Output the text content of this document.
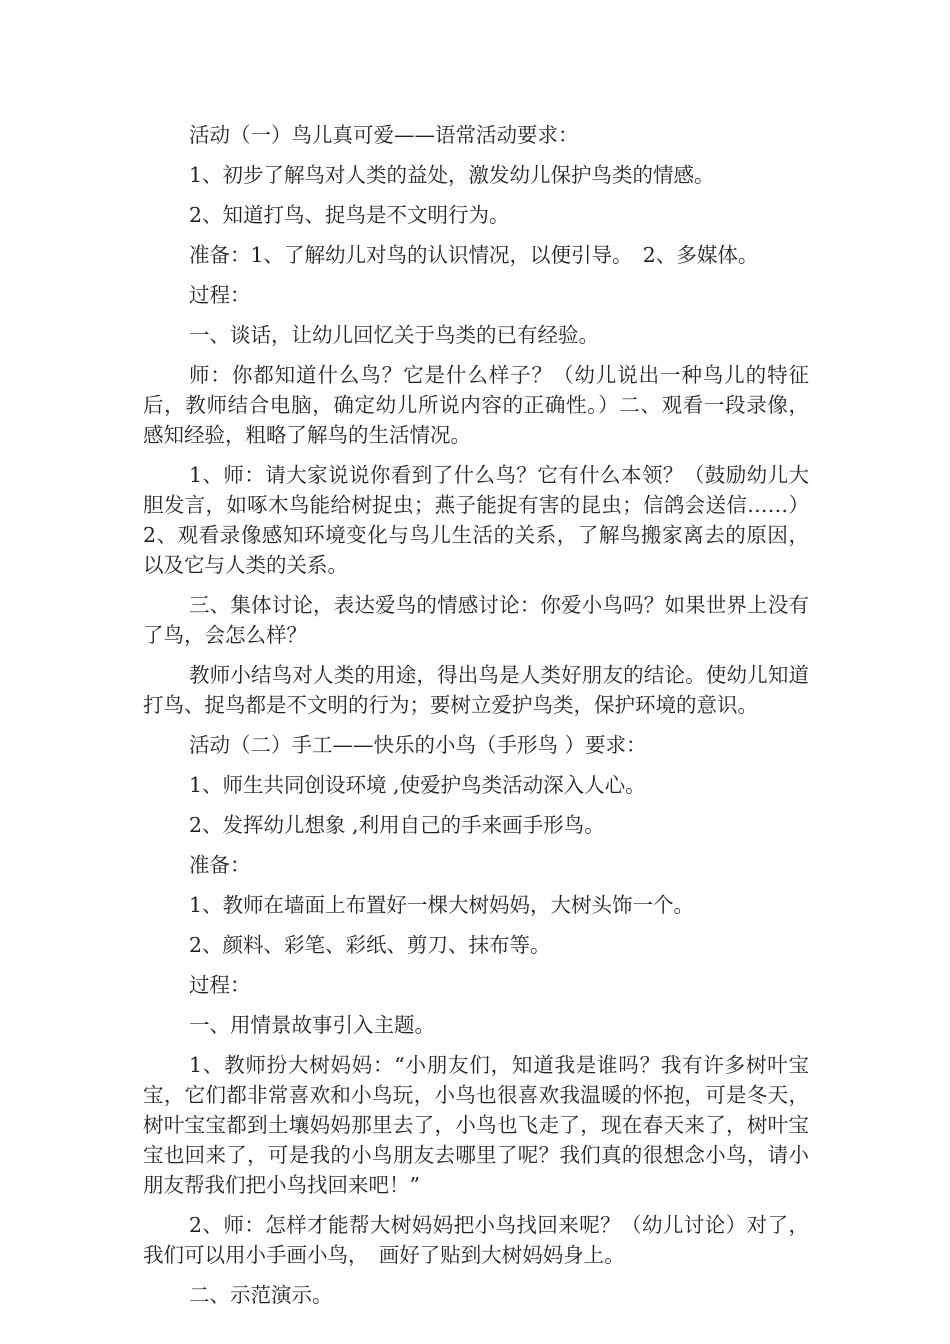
活动（一）鸟儿真可爱——语常活动要求：

1、初步了解鸟对人类的益处，激发幼儿保护鸟类的情感。

2、知道打鸟、捉鸟是不文明行为。

准备：1、了解幼儿对鸟的认识情况，以便引导。　2、多媒体。

过程：

一、谈话，让幼儿回忆关于鸟类的已有经验。

师：你都知道什么鸟？它是什么样子？（幼儿说出一种鸟儿的特征后，教师结合电脑，确定幼儿所说内容的正确性。）二、观看一段录像，感知经验，粗略了解鸟的生活情况。

1、师：请大家说说你看到了什么鸟？它有什么本领？（鼓励幼儿大胆发言，如啄木鸟能给树捉虫；燕子能捉有害的昆虫；信鸽会送信……）2、观看录像感知环境变化与鸟儿生活的关系，了解鸟搬家离去的原因，以及它与人类的关系。

三、集体讨论，表达爱鸟的情感讨论：你爱小鸟吗？如果世界上没有了鸟，会怎么样？

教师小结鸟对人类的用途，得出鸟是人类好朋友的结论。使幼儿知道打鸟、捉鸟都是不文明的行为；要树立爱护鸟类，保护环境的意识。

活动（二）手工——快乐的小鸟（手形鸟 ）要求：

1、师生共同创设环境 ,使爱护鸟类活动深入人心。

2、发挥幼儿想象 ,利用自己的手来画手形鸟。

准备：

1、教师在墙面上布置好一棵大树妈妈，大树头饰一个。

2、颜料、彩笔、彩纸、剪刀、抹布等。

过程：

一、用情景故事引入主题。

1、教师扮大树妈妈：“小朋友们，知道我是谁吗？我有许多树叶宝宝，它们都非常喜欢和小鸟玩，小鸟也很喜欢我温暖的怀抱，可是冬天，树叶宝宝都到土壤妈妈那里去了，小鸟也飞走了，现在春天来了，树叶宝宝也回来了，可是我的小鸟朋友去哪里了呢？我们真的很想念小鸟，请小朋友帮我们把小鸟找回来吧！”

2、师：怎样才能帮大树妈妈把小鸟找回来呢？（幼儿讨论）对了，我们可以用小手画小鸟，　画好了贴到大树妈妈身上。

二、示范演示。
